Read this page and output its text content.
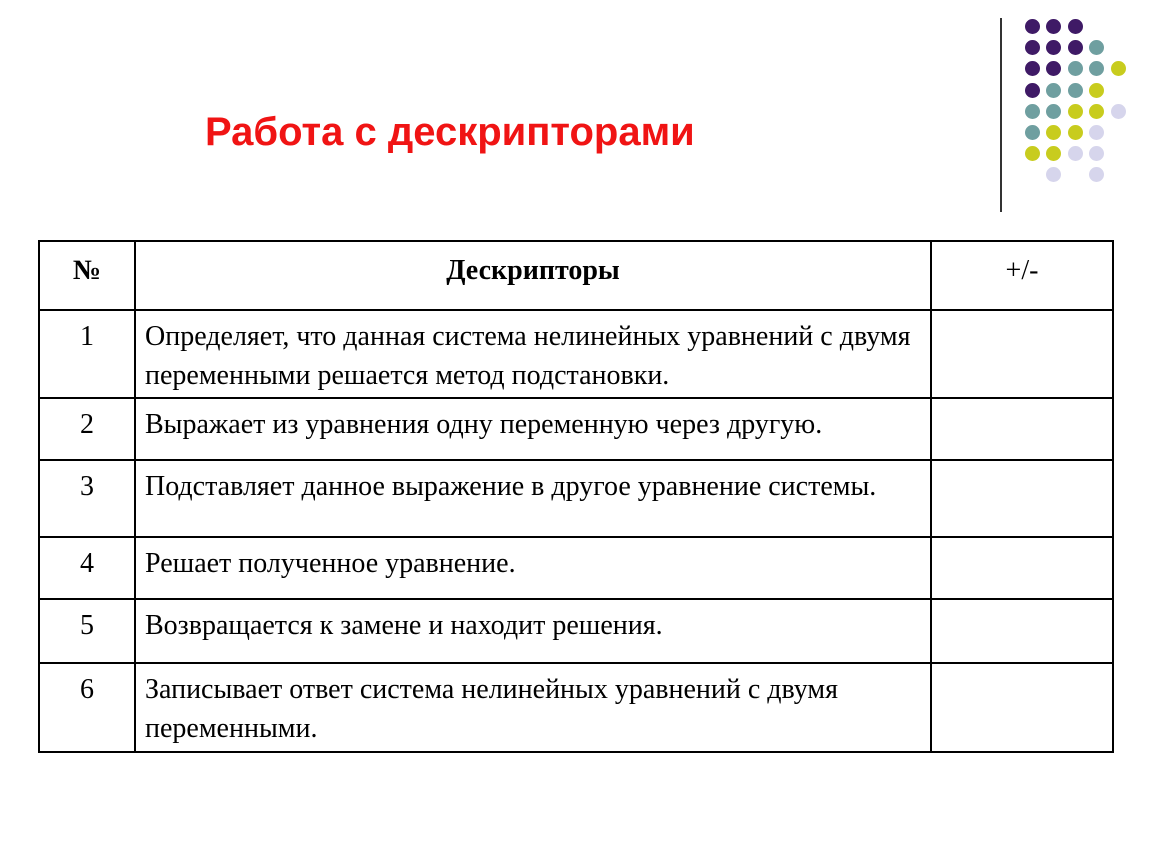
Работа с дескрипторами
№	Дескрипторы	+/-
1	Определяет, что данная система нелинейных уравнений с двумя переменными решается метод подстановки.	
2	Выражает из уравнения одну переменную через другую.	
3	Подставляет данное выражение в другое уравнение системы.	
4	Решает полученное уравнение.	
5	Возвращается к замене и находит решения.	
6	Записывает ответ система нелинейных уравнений с двумя переменными.	
